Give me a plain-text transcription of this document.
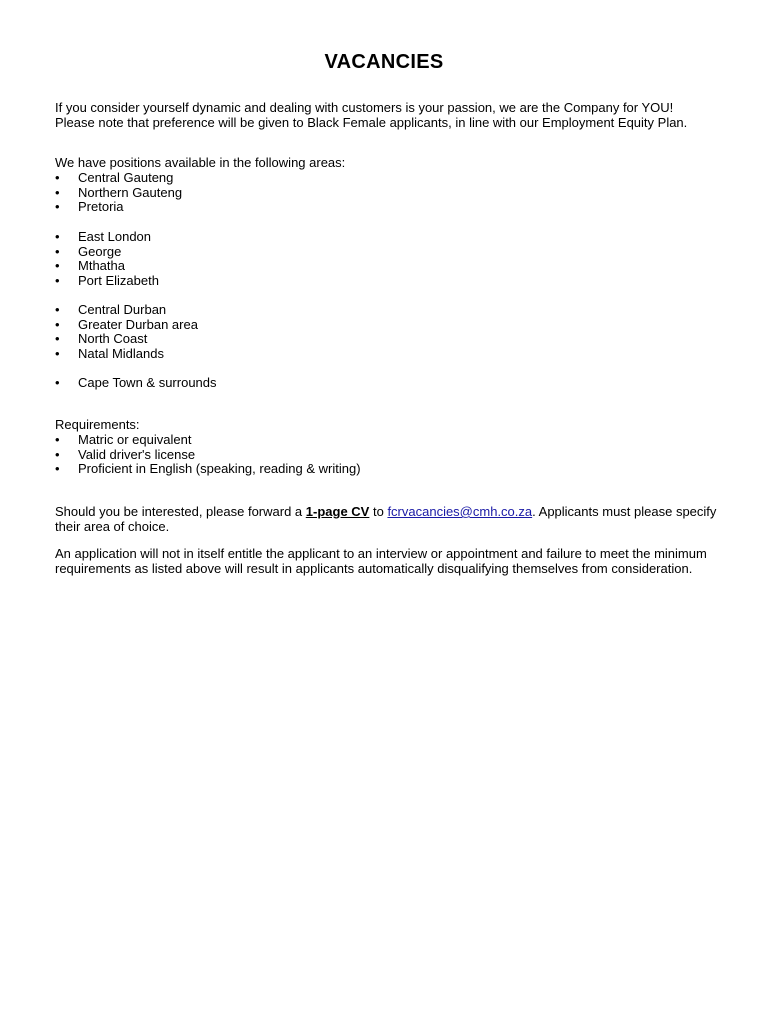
VACANCIES

If you consider yourself dynamic and dealing with customers is your passion, we are the Company for YOU!

Please note that preference will be given to Black Female applicants, in line with our Employment Equity Plan.

We have positions available in the following areas:
• Central Gauteng
• Northern Gauteng
• Pretoria
• East London
• George
• Mthatha
• Port Elizabeth
• Central Durban
• Greater Durban area
• North Coast
• Natal Midlands
• Cape Town & surrounds
Requirements:
• Matric or equivalent
• Valid driver's license
• Proficient in English (speaking, reading & writing)

Should you be interested, please forward a 1-page CV to fcrvacancies@cmh.co.za. Applicants must please specify their area of choice.

An application will not in itself entitle the applicant to an interview or appointment and failure to meet the minimum requirements as listed above will result in applicants automatically disqualifying themselves from consideration.
